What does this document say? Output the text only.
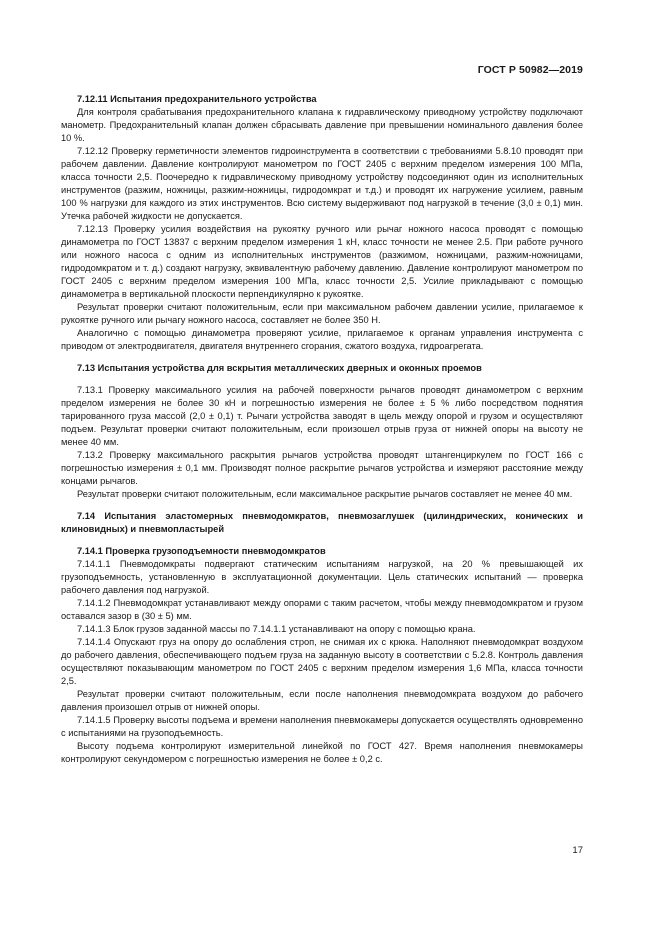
ГОСТ Р 50982—2019

7.12.11 Испытания предохранительного устройства

Для контроля срабатывания предохранительного клапана к гидравлическому приводному устройству подключают манометр. Предохранительный клапан должен сбрасывать давление при превышении номинального давления более 10 %.

7.12.12 Проверку герметичности элементов гидроинструмента в соответствии с требованиями 5.8.10 проводят при рабочем давлении. Давление контролируют манометром по ГОСТ 2405 с верхним пределом измерения 100 МПа, класса точности 2,5. Поочередно к гидравлическому приводному устройству подсоединяют один из исполнительных инструментов (разжим, ножницы, разжим-ножницы, гидродомкрат и т.д.) и проводят их нагружение усилием, равным 100 % нагрузки для каждого из этих инструментов. Всю систему выдерживают под нагрузкой в течение (3,0 ± 0,1) мин. Утечка рабочей жидкости не допускается.

7.12.13 Проверку усилия воздействия на рукоятку ручного или рычаг ножного насоса проводят с помощью динамометра по ГОСТ 13837 с верхним пределом измерения 1 кН, класс точности не менее 2.5. При работе ручного или ножного насоса с одним из исполнительных инструментов (разжимом, ножницами, разжим-ножницами, гидродомкратом и т. д.) создают нагрузку, эквивалентную рабочему давлению. Давление контролируют манометром по ГОСТ 2405 с верхним пределом измерения 100 МПа, класс точности 2,5. Усилие прикладывают с помощью динамометра в вертикальной плоскости перпендикулярно к рукоятке.

Результат проверки считают положительным, если при максимальном рабочем давлении усилие, прилагаемое к рукоятке ручного или рычагу ножного насоса, составляет не более 350 Н.

Аналогично с помощью динамометра проверяют усилие, прилагаемое к органам управления инструмента с приводом от электродвигателя, двигателя внутреннего сгорания, сжатого воздуха, гидроагрегата.

7.13 Испытания устройства для вскрытия металлических дверных и оконных проемов

7.13.1 Проверку максимального усилия на рабочей поверхности рычагов проводят динамометром с верхним пределом измерения не более 30 кН и погрешностью измерения не более ± 5 % либо посредством поднятия тарированного груза массой (2,0 ± 0,1) т. Рычаги устройства заводят в щель между опорой и грузом и осуществляют подъем. Результат проверки считают положительным, если произошел отрыв груза от нижней опоры на высоту не менее 40 мм.

7.13.2 Проверку максимального раскрытия рычагов устройства проводят штангенциркулем по ГОСТ 166 с погрешностью измерения ± 0,1 мм. Производят полное раскрытие рычагов устройства и измеряют расстояние между концами рычагов.

Результат проверки считают положительным, если максимальное раскрытие рычагов составляет не менее 40 мм.

7.14 Испытания эластомерных пневмодомкратов, пневмозаглушек (цилиндрических, конических и клиновидных) и пневмопластырей

7.14.1 Проверка грузоподъемности пневмодомкратов

7.14.1.1 Пневмодомкраты подвергают статическим испытаниям нагрузкой, на 20 % превышающей их грузоподъемность, установленную в эксплуатационной документации. Цель статических испытаний — проверка рабочего давления под нагрузкой.

7.14.1.2 Пневмодомкрат устанавливают между опорами с таким расчетом, чтобы между пневмодомкратом и грузом оставался зазор в (30 ± 5) мм.

7.14.1.3 Блок грузов заданной массы по 7.14.1.1 устанавливают на опору с помощью крана.

7.14.1.4 Опускают груз на опору до ослабления строп, не снимая их с крюка. Наполняют пневмодомкрат воздухом до рабочего давления, обеспечивающего подъем груза на заданную высоту в соответствии с 5.2.8. Контроль давления осуществляют показывающим манометром по ГОСТ 2405 с верхним пределом измерения 1,6 МПа, класса точности 2,5.

Результат проверки считают положительным, если после наполнения пневмодомкрата воздухом до рабочего давления произошел отрыв от нижней опоры.

7.14.1.5 Проверку высоты подъема и времени наполнения пневмокамеры допускается осуществлять одновременно с испытаниями на грузоподъемность.

Высоту подъема контролируют измерительной линейкой по ГОСТ 427. Время наполнения пневмокамеры контролируют секундомером с погрешностью измерения не более ± 0,2 с.

17
